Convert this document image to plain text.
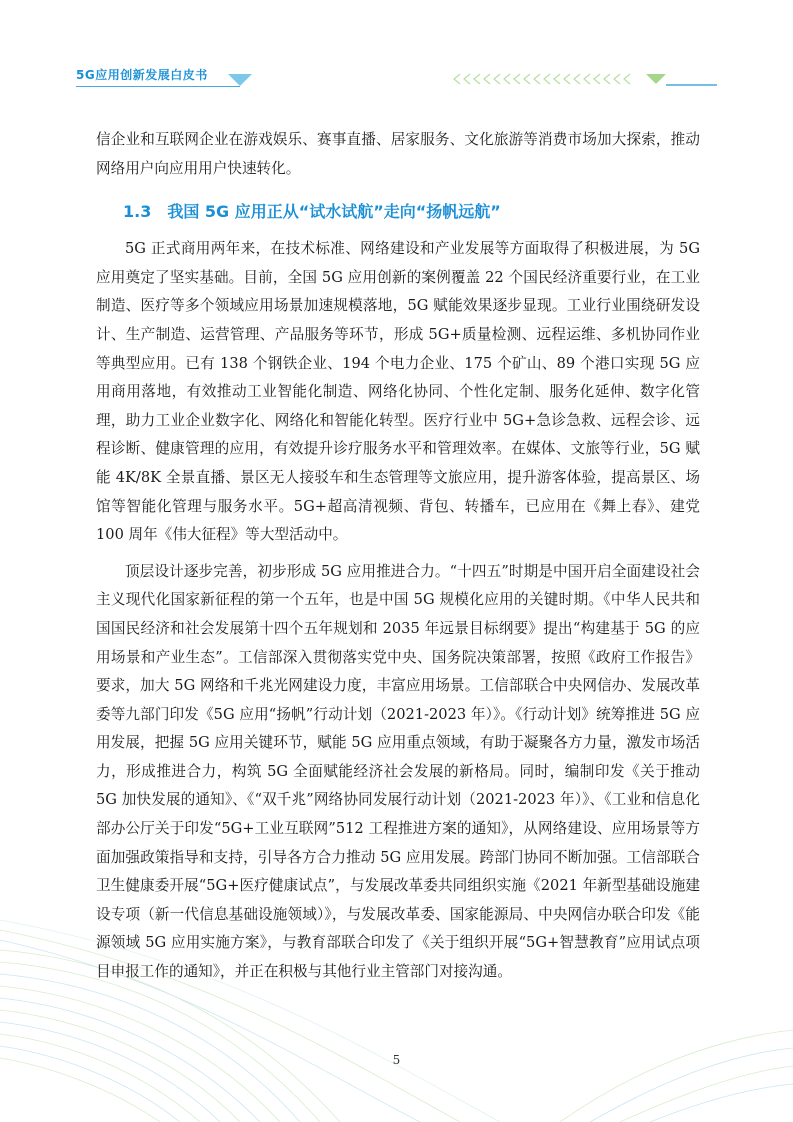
5G应用创新发展白皮书

信企业和互联网企业在游戏娱乐、赛事直播、居家服务、文化旅游等消费市场加大探索，推动网络用户向应用用户快速转化。

1.3 我国 5G 应用正从“试水试航”走向“扬帆远航”

5G 正式商用两年来，在技术标准、网络建设和产业发展等方面取得了积极进展，为 5G 应用奠定了坚实基础。目前，全国 5G 应用创新的案例覆盖 22 个国民经济重要行业，在工业制造、医疗等多个领域应用场景加速规模落地，5G 赋能效果逐步显现。工业行业围绕研发设计、生产制造、运营管理、产品服务等环节，形成 5G+质量检测、远程运维、多机协同作业等典型应用。已有 138 个钢铁企业、194 个电力企业、175 个矿山、89 个港口实现 5G 应用商用落地，有效推动工业智能化制造、网络化协同、个性化定制、服务化延伸、数字化管理，助力工业企业数字化、网络化和智能化转型。医疗行业中 5G+急诊急救、远程会诊、远程诊断、健康管理的应用，有效提升诊疗服务水平和管理效率。在媒体、文旅等行业，5G 赋能 4K/8K 全景直播、景区无人接驳车和生态管理等文旅应用，提升游客体验，提高景区、场馆等智能化管理与服务水平。5G+超高清视频、背包、转播车，已应用在《舞上春》、建党 100 周年《伟大征程》等大型活动中。

顶层设计逐步完善，初步形成 5G 应用推进合力。“十四五”时期是中国开启全面建设社会主义现代化国家新征程的第一个五年，也是中国 5G 规模化应用的关键时期。《中华人民共和国国民经济和社会发展第十四个五年规划和 2035 年远景目标纲要》提出“构建基于 5G 的应用场景和产业生态”。工信部深入贯彻落实党中央、国务院决策部署，按照《政府工作报告》要求，加大 5G 网络和千兆光网建设力度，丰富应用场景。工信部联合中央网信办、发展改革委等九部门印发《5G 应用“扬帆”行动计划（2021-2023 年）》。《行动计划》统筹推进 5G 应用发展，把握 5G 应用关键环节，赋能 5G 应用重点领域，有助于凝聚各方力量，激发市场活力，形成推进合力，构筑 5G 全面赋能经济社会发展的新格局。同时，编制印发《关于推动 5G 加快发展的通知》、《“双千兆”网络协同发展行动计划（2021-2023 年）》、《工业和信息化部办公厅关于印发“5G+工业互联网”512 工程推进方案的通知》，从网络建设、应用场景等方面加强政策指导和支持，引导各方合力推动 5G 应用发展。跨部门协同不断加强。工信部联合卫生健康委开展“5G+医疗健康试点”，与发展改革委共同组织实施《2021 年新型基础设施建设专项（新一代信息基础设施领域）》，与发展改革委、国家能源局、中央网信办联合印发《能源领域 5G 应用实施方案》，与教育部联合印发了《关于组织开展“5G+智慧教育”应用试点项目申报工作的通知》，并正在积极与其他行业主管部门对接沟通。

5
